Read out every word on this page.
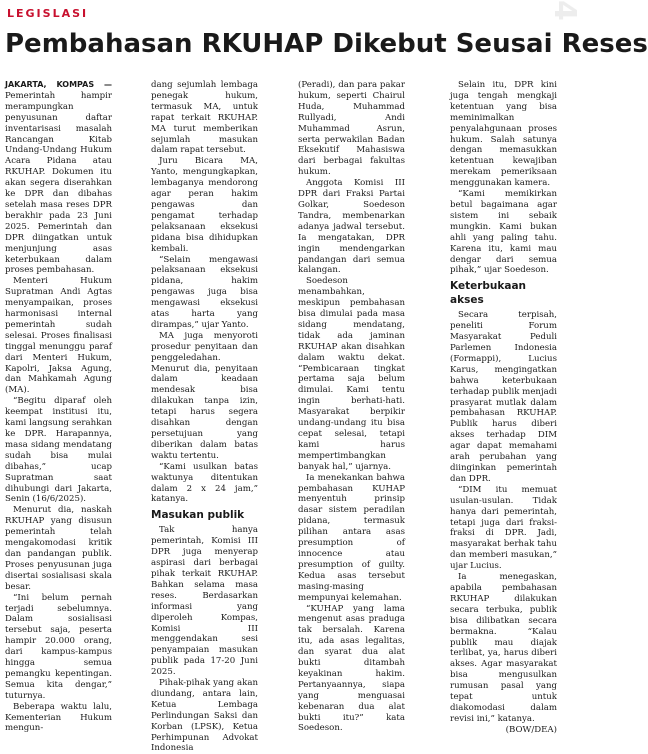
LEGISLASI
Pembahasan RKUHAP Dikebut Seusai Reses
4

JAKARTA, KOMPAS — Pemerintah hampir merampungkan penyusunan daftar inventarisasi masalah Rancangan Kitab Undang-Undang Hukum Acara Pidana atau RKUHAP. Dokumen itu akan segera diserahkan ke DPR dan dibahas setelah masa reses DPR berakhir pada 23 Juni 2025. Pemerintah dan DPR diingatkan untuk menjunjung asas keterbukaan dalam proses pembahasan.

Menteri Hukum Supratman Andi Agtas menyampaikan, proses harmonisasi internal pemerintah sudah selesai. Proses finalisasi tinggal menunggu paraf dari Menteri Hukum, Kapolri, Jaksa Agung, dan Mahkamah Agung (MA).

“Begitu diparaf oleh keempat institusi itu, kami langsung serahkan ke DPR. Harapannya, masa sidang mendatang sudah bisa mulai dibahas,” ucap Supratman saat dihubungi dari Jakarta, Senin (16/6/2025).

Menurut dia, naskah RKUHAP yang disusun pemerintah telah mengakomodasi kritik dan pandangan publik. Proses penyusunan juga disertai sosialisasi skala besar.

“Ini belum pernah terjadi sebelumnya. Dalam sosialisasi tersebut saja, peserta hampir 20.000 orang, dari kampus-kampus hingga semua pemangku kepentingan. Semua kita dengar,” tuturnya.

Beberapa waktu lalu, Kementerian Hukum mengun-

dang sejumlah lembaga penegak hukum, termasuk MA, untuk rapat terkait RKUHAP. MA turut memberikan sejumlah masukan dalam rapat tersebut.

Juru Bicara MA, Yanto, mengungkapkan, lembaganya mendorong agar peran hakim pengawas dan pengamat terhadap pelaksanaan eksekusi pidana bisa dihidupkan kembali.

“Selain mengawasi pelaksanaan eksekusi pidana, hakim pengawas juga bisa mengawasi eksekusi atas harta yang dirampas,” ujar Yanto.

MA juga menyoroti prosedur penyitaan dan penggeledahan. Menurut dia, penyitaan dalam keadaan mendesak bisa dilakukan tanpa izin, tetapi harus segera disahkan dengan persetujuan yang diberikan dalam batas waktu tertentu.

“Kami usulkan batas waktunya ditentukan dalam 2 x 24 jam,” katanya.

Masukan publik

Tak hanya pemerintah, Komisi III DPR juga menyerap aspirasi dari berbagai pihak terkait RKUHAP. Bahkan selama masa reses. Berdasarkan informasi yang diperoleh Kompas, Komisi III menggendakan sesi penyampaian masukan publik pada 17-20 Juni 2025.

Pihak-pihak yang akan diundang, antara lain, Ketua Lembaga Perlindungan Saksi dan Korban (LPSK), Ketua Perhimpunan Advokat Indonesia

(Peradi), dan para pakar hukum, seperti Chairul Huda, Muhammad Rullyadi, Andi Muhammad Asrun, serta perwakilan Badan Eksekutif Mahasiswa dari berbagai fakultas hukum.

Anggota Komisi III DPR dari Fraksi Partai Golkar, Soedeson Tandra, membenarkan adanya jadwal tersebut. Ia mengatakan, DPR ingin mendengarkan pandangan dari semua kalangan.

Soedeson menambahkan, meskipun pembahasan bisa dimulai pada masa sidang mendatang, tidak ada jaminan RKUHAP akan disahkan dalam waktu dekat. “Pembicaraan tingkat pertama saja belum dimulai. Kami tentu ingin berhati-hati. Masyarakat berpikir undang-undang itu bisa cepat selesai, tetapi kami harus mempertimbangkan banyak hal,” ujarnya.

Ia menekankan bahwa pembahasan KUHAP menyentuh prinsip dasar sistem peradilan pidana, termasuk pilihan antara asas presumption of innocence atau presumption of guilty. Kedua asas tersebut masing-masing mempunyai kelemahan.

“KUHAP yang lama mengenut asas praduga tak bersalah. Karena itu, ada asas legalitas, dan syarat dua alat bukti ditambah keyakinan hakim. Pertanyaannya, siapa yang menguasai kebenaran dua alat bukti itu?” kata Soedeson.

Selain itu, DPR kini juga tengah mengkaji ketentuan yang bisa meminimalkan penyalahgunaan proses hukum. Salah satunya dengan memasukkan ketentuan kewajiban merekam pemeriksaan menggunakan kamera.

“Kami memikirkan betul bagaimana agar sistem ini sebaik mungkin. Kami bukan ahli yang paling tahu. Karena itu, kami mau dengar dari semua pihak,” ujar Soedeson.

Keterbukaan akses

Secara terpisah, peneliti Forum Masyarakat Peduli Parlemen Indonesia (Formappi), Lucius Karus, mengingatkan bahwa keterbukaan terhadap publik menjadi prasyarat mutlak dalam pembahasan RKUHAP. Publik harus diberi akses terhadap DIM agar dapat memahami arah perubahan yang diinginkan pemerintah dan DPR.

“DIM itu memuat usulan-usulan. Tidak hanya dari pemerintah, tetapi juga dari fraksi-fraksi di DPR. Jadi, masyarakat berhak tahu dan memberi masukan,” ujar Lucius.

Ia menegaskan, apabila pembahasan RKUHAP dilakukan secara terbuka, publik bisa dilibatkan secara bermakna. “Kalau publik mau diajak terlibat, ya, harus diberi akses. Agar masyarakat bisa mengusulkan rumusan pasal yang tepat untuk diakomodasi dalam revisi ini,” katanya.

(BOW/DEA)
